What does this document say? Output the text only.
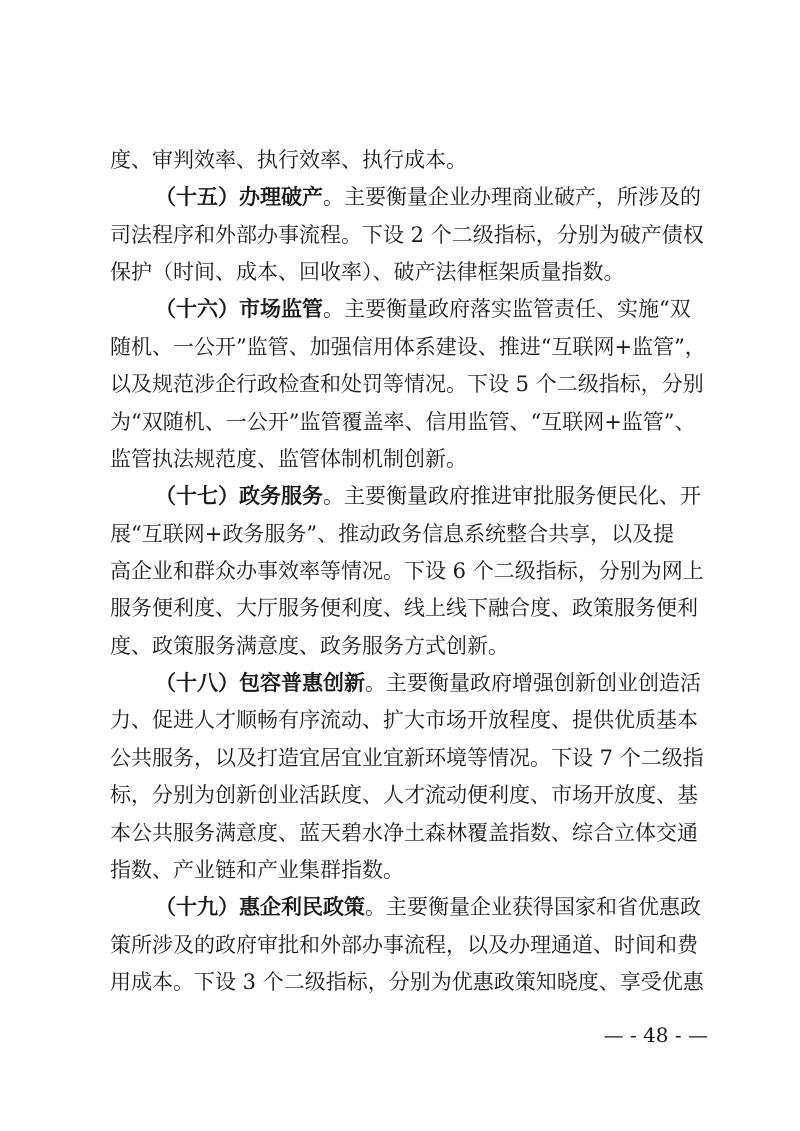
度、审判效率、执行效率、执行成本。
（十五）办理破产。主要衡量企业办理商业破产，所涉及的
司法程序和外部办事流程。下设 2 个二级指标，分别为破产债权
保护（时间、成本、回收率）、破产法律框架质量指数。
（十六）市场监管。主要衡量政府落实监管责任、实施“双
随机、一公开”监管、加强信用体系建设、推进“互联网+监管”，
以及规范涉企行政检查和处罚等情况。下设 5 个二级指标，分别
为“双随机、一公开”监管覆盖率、信用监管、“互联网+监管”、
监管执法规范度、监管体制机制创新。
（十七）政务服务。主要衡量政府推进审批服务便民化、开
展“互联网+政务服务”、推动政务信息系统整合共享，以及提
高企业和群众办事效率等情况。下设 6 个二级指标，分别为网上
服务便利度、大厅服务便利度、线上线下融合度、政策服务便利
度、政策服务满意度、政务服务方式创新。
（十八）包容普惠创新。主要衡量政府增强创新创业创造活
力、促进人才顺畅有序流动、扩大市场开放程度、提供优质基本
公共服务，以及打造宜居宜业宜新环境等情况。下设 7 个二级指
标，分别为创新创业活跃度、人才流动便利度、市场开放度、基
本公共服务满意度、蓝天碧水净土森林覆盖指数、综合立体交通
指数、产业链和产业集群指数。
（十九）惠企利民政策。主要衡量企业获得国家和省优惠政
策所涉及的政府审批和外部办事流程，以及办理通道、时间和费
用成本。下设 3 个二级指标，分别为优惠政策知晓度、享受优惠
— - 48 - —
